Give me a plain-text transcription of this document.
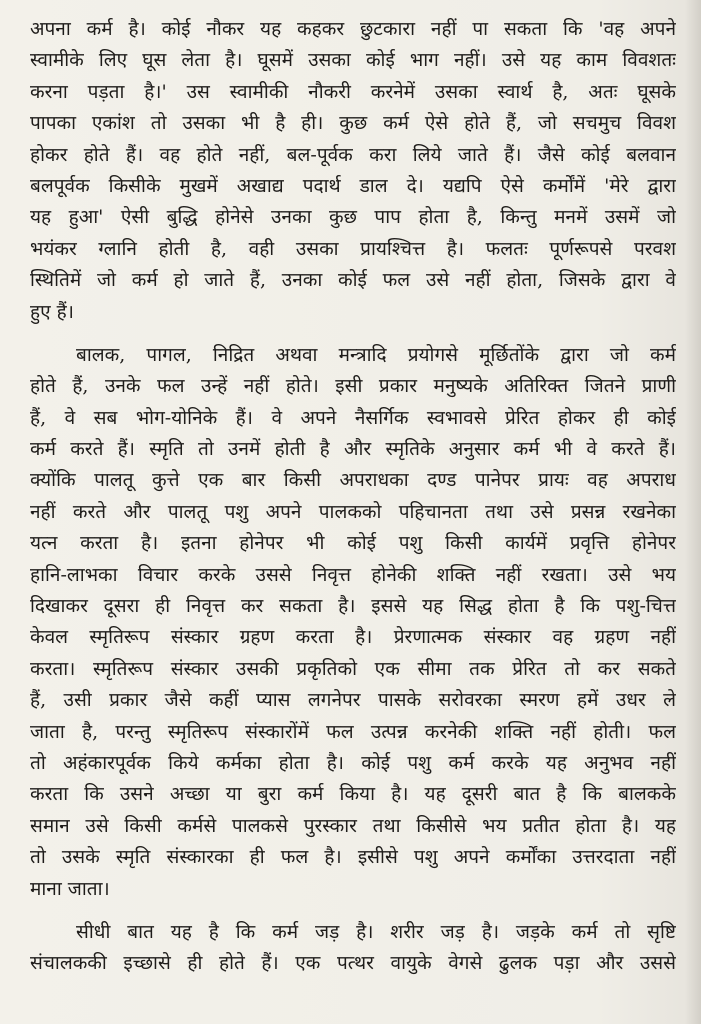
अपना कर्म है। कोई नौकर यह कहकर छुटकारा नहीं पा सकता कि 'वह अपने
स्वामीके लिए घूस लेता है। घूसमें उसका कोई भाग नहीं। उसे यह काम विवशतः
करना पड़ता है।' उस स्वामीकी नौकरी करनेमें उसका स्वार्थ है, अतः घूसके
पापका एकांश तो उसका भी है ही। कुछ कर्म ऐसे होते हैं, जो सचमुच विवश
होकर होते हैं। वह होते नहीं, बल-पूर्वक करा लिये जाते हैं। जैसे कोई बलवान
बलपूर्वक किसीके मुखमें अखाद्य पदार्थ डाल दे। यद्यपि ऐसे कर्मोंमें 'मेरे द्वारा
यह हुआ' ऐसी बुद्धि होनेसे उनका कुछ पाप होता है, किन्तु मनमें उसमें जो
भयंकर ग्लानि होती है, वही उसका प्रायश्चित्त है। फलतः पूर्णरूपसे परवश
स्थितिमें जो कर्म हो जाते हैं, उनका कोई फल उसे नहीं होता, जिसके द्वारा वे
हुए हैं।
बालक, पागल, निद्रित अथवा मन्त्रादि प्रयोगसे मूर्छितोंके द्वारा जो कर्म
होते हैं, उनके फल उन्हें नहीं होते। इसी प्रकार मनुष्यके अतिरिक्त जितने प्राणी
हैं, वे सब भोग-योनिके हैं। वे अपने नैसर्गिक स्वभावसे प्रेरित होकर ही कोई
कर्म करते हैं। स्मृति तो उनमें होती है और स्मृतिके अनुसार कर्म भी वे करते हैं।
क्योंकि पालतू कुत्ते एक बार किसी अपराधका दण्ड पानेपर प्रायः वह अपराध
नहीं करते और पालतू पशु अपने पालकको पहिचानता तथा उसे प्रसन्न रखनेका
यत्न करता है। इतना होनेपर भी कोई पशु किसी कार्यमें प्रवृत्ति होनेपर
हानि-लाभका विचार करके उससे निवृत्त होनेकी शक्ति नहीं रखता। उसे भय
दिखाकर दूसरा ही निवृत्त कर सकता है। इससे यह सिद्ध होता है कि पशु-चित्त
केवल स्मृतिरूप संस्कार ग्रहण करता है। प्रेरणात्मक संस्कार वह ग्रहण नहीं
करता। स्मृतिरूप संस्कार उसकी प्रकृतिको एक सीमा तक प्रेरित तो कर सकते
हैं, उसी प्रकार जैसे कहीं प्यास लगनेपर पासके सरोवरका स्मरण हमें उधर ले
जाता है, परन्तु स्मृतिरूप संस्कारोंमें फल उत्पन्न करनेकी शक्ति नहीं होती। फल
तो अहंकारपूर्वक किये कर्मका होता है। कोई पशु कर्म करके यह अनुभव नहीं
करता कि उसने अच्छा या बुरा कर्म किया है। यह दूसरी बात है कि बालकके
समान उसे किसी कर्मसे पालकसे पुरस्कार तथा किसीसे भय प्रतीत होता है। यह
तो उसके स्मृति संस्कारका ही फल है। इसीसे पशु अपने कर्मोंका उत्तरदाता नहीं
माना जाता।
सीधी बात यह है कि कर्म जड़ है। शरीर जड़ है। जड़के कर्म तो सृष्टि
संचालककी इच्छासे ही होते हैं। एक पत्थर वायुके वेगसे ढुलक पड़ा और उससे
